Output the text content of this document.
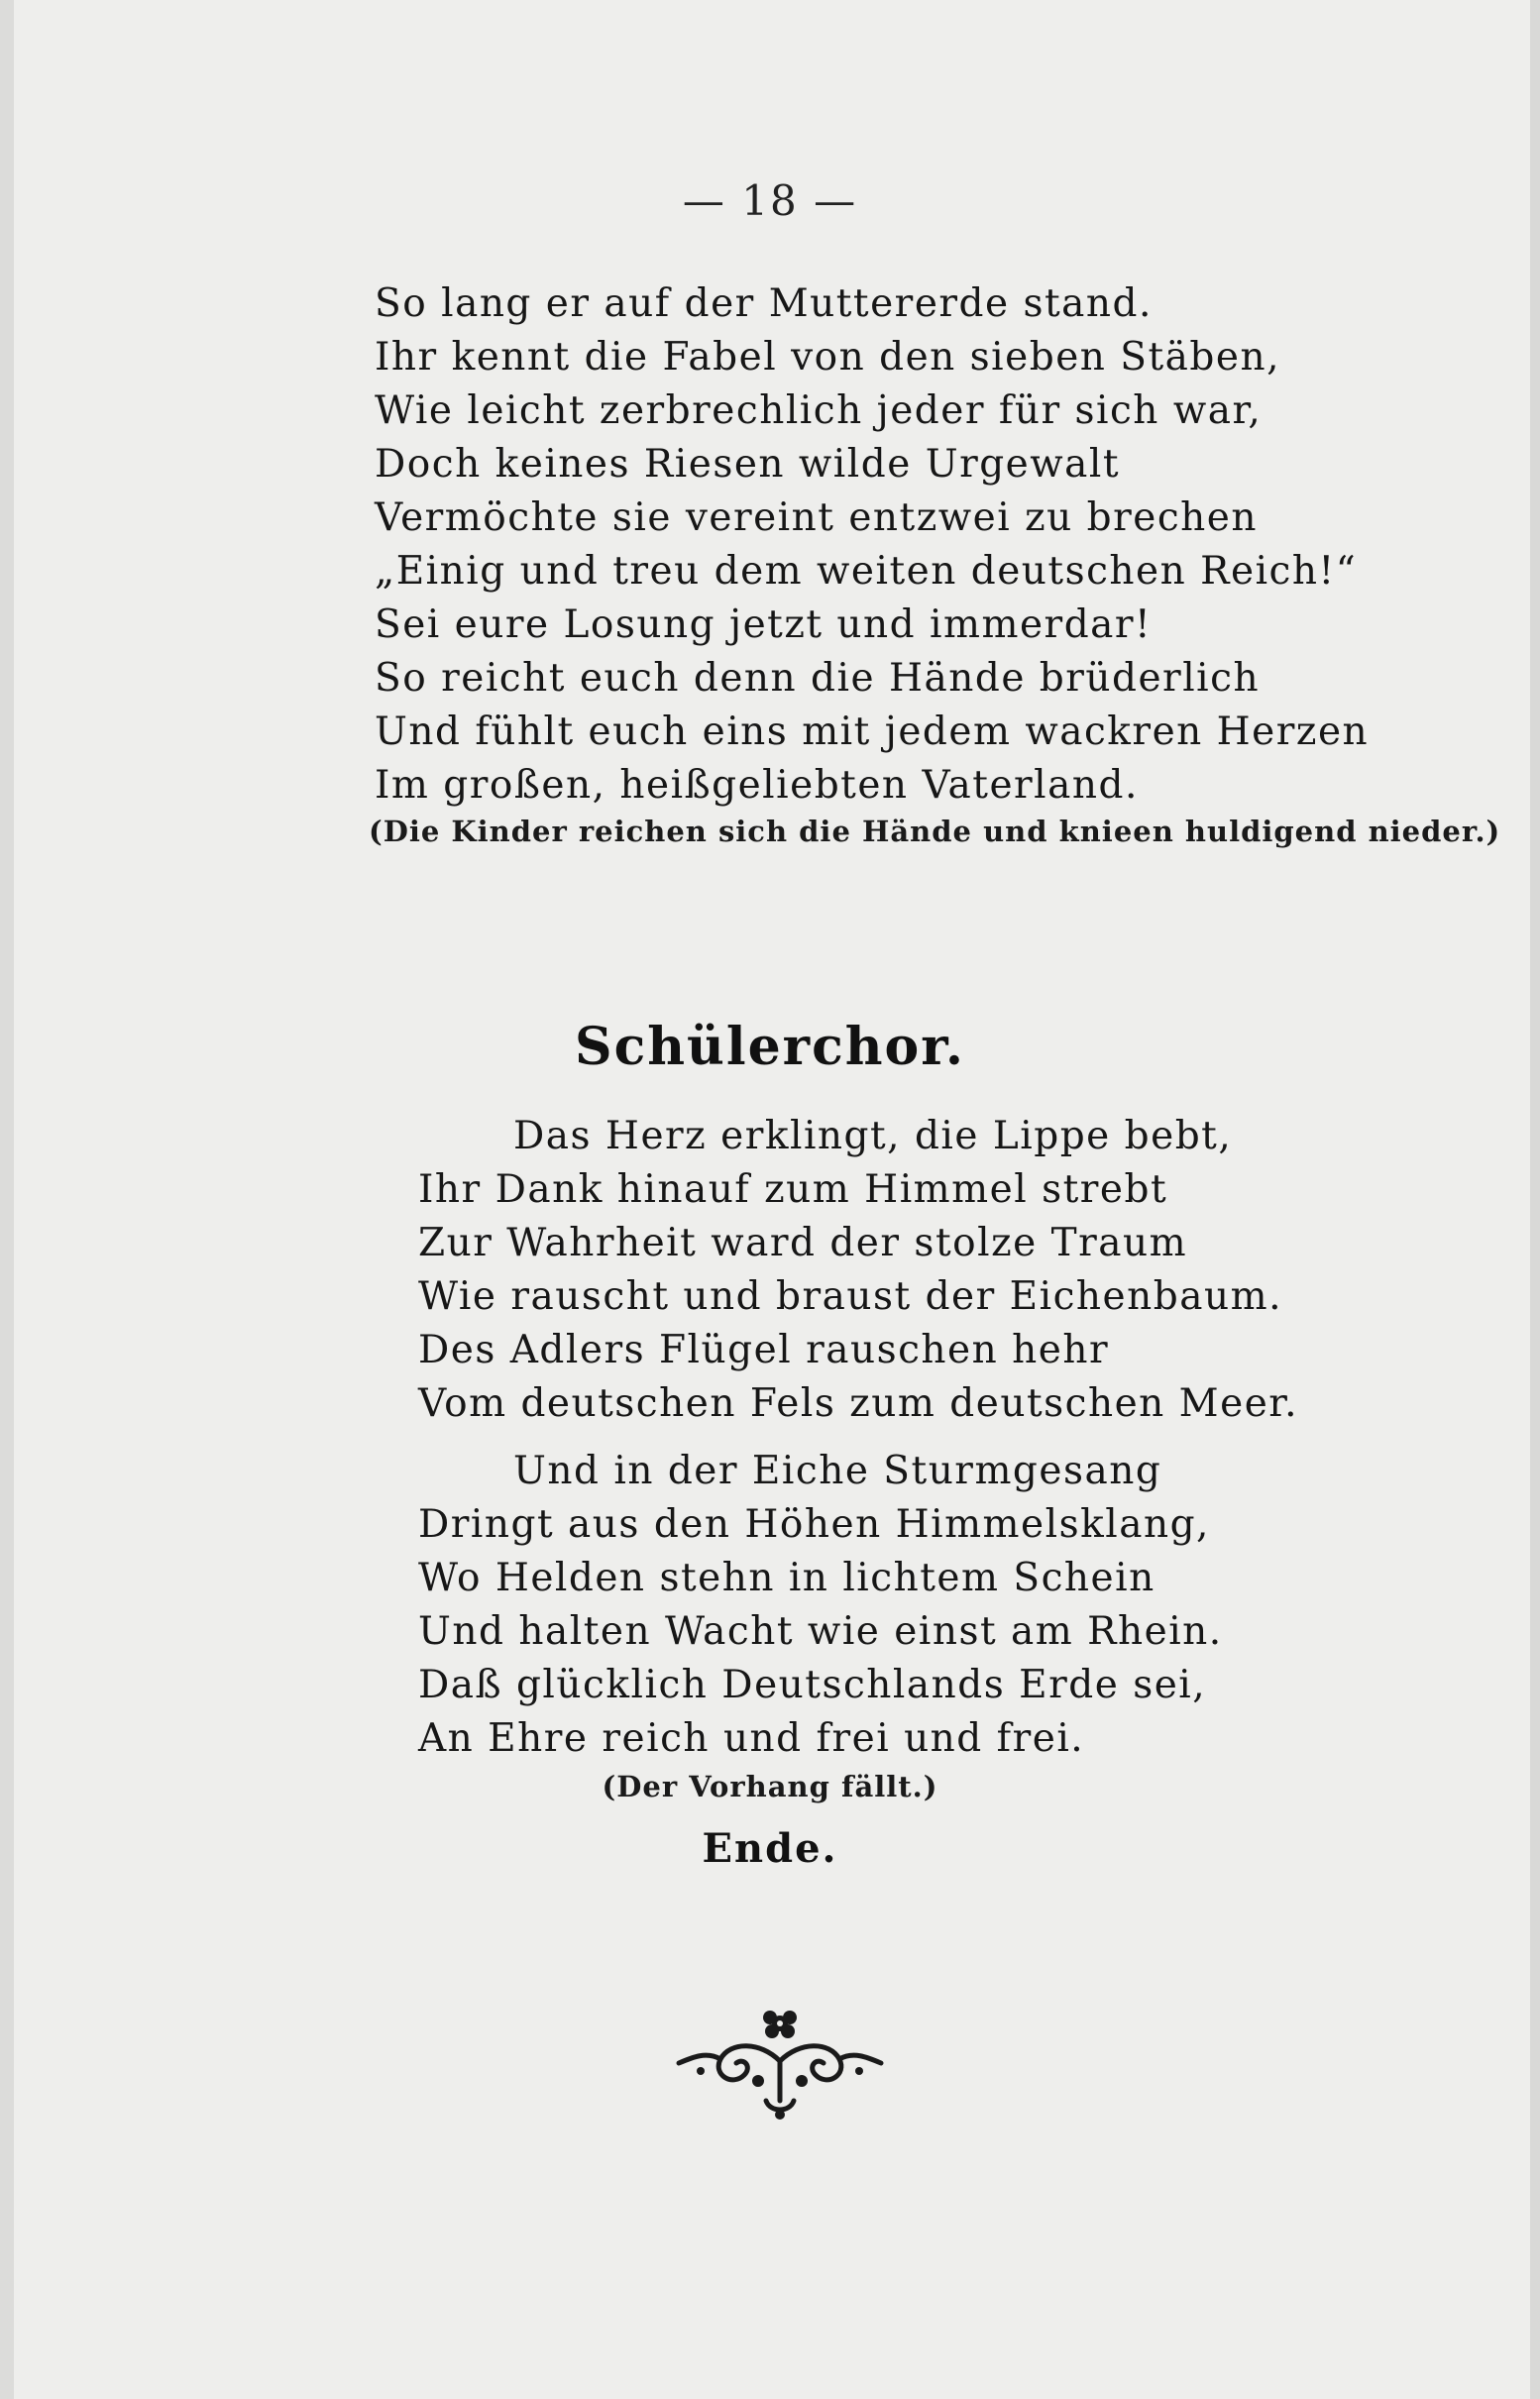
— 18 —
So lang er auf der Muttererde stand.
Ihr kennt die Fabel von den sieben Stäben,
Wie leicht zerbrechlich jeder für sich war,
Doch keines Riesen wilde Urgewalt
Vermöchte sie vereint entzwei zu brechen
„Einig und treu dem weiten deutschen Reich!“
Sei eure Losung jetzt und immerdar!
So reicht euch denn die Hände brüderlich
Und fühlt euch eins mit jedem wackren Herzen
Im großen, heißgeliebten Vaterland.
(Die Kinder reichen sich die Hände und knieen huldigend nieder.)
Schülerchor.
Das Herz erklingt, die Lippe bebt,
Ihr Dank hinauf zum Himmel strebt
Zur Wahrheit ward der stolze Traum
Wie rauscht und braust der Eichenbaum.
Des Adlers Flügel rauschen hehr
Vom deutschen Fels zum deutschen Meer.
Und in der Eiche Sturmgesang
Dringt aus den Höhen Himmelsklang,
Wo Helden stehn in lichtem Schein
Und halten Wacht wie einst am Rhein.
Daß glücklich Deutschlands Erde sei,
An Ehre reich und frei und frei.
(Der Vorhang fällt.)
Ende.
